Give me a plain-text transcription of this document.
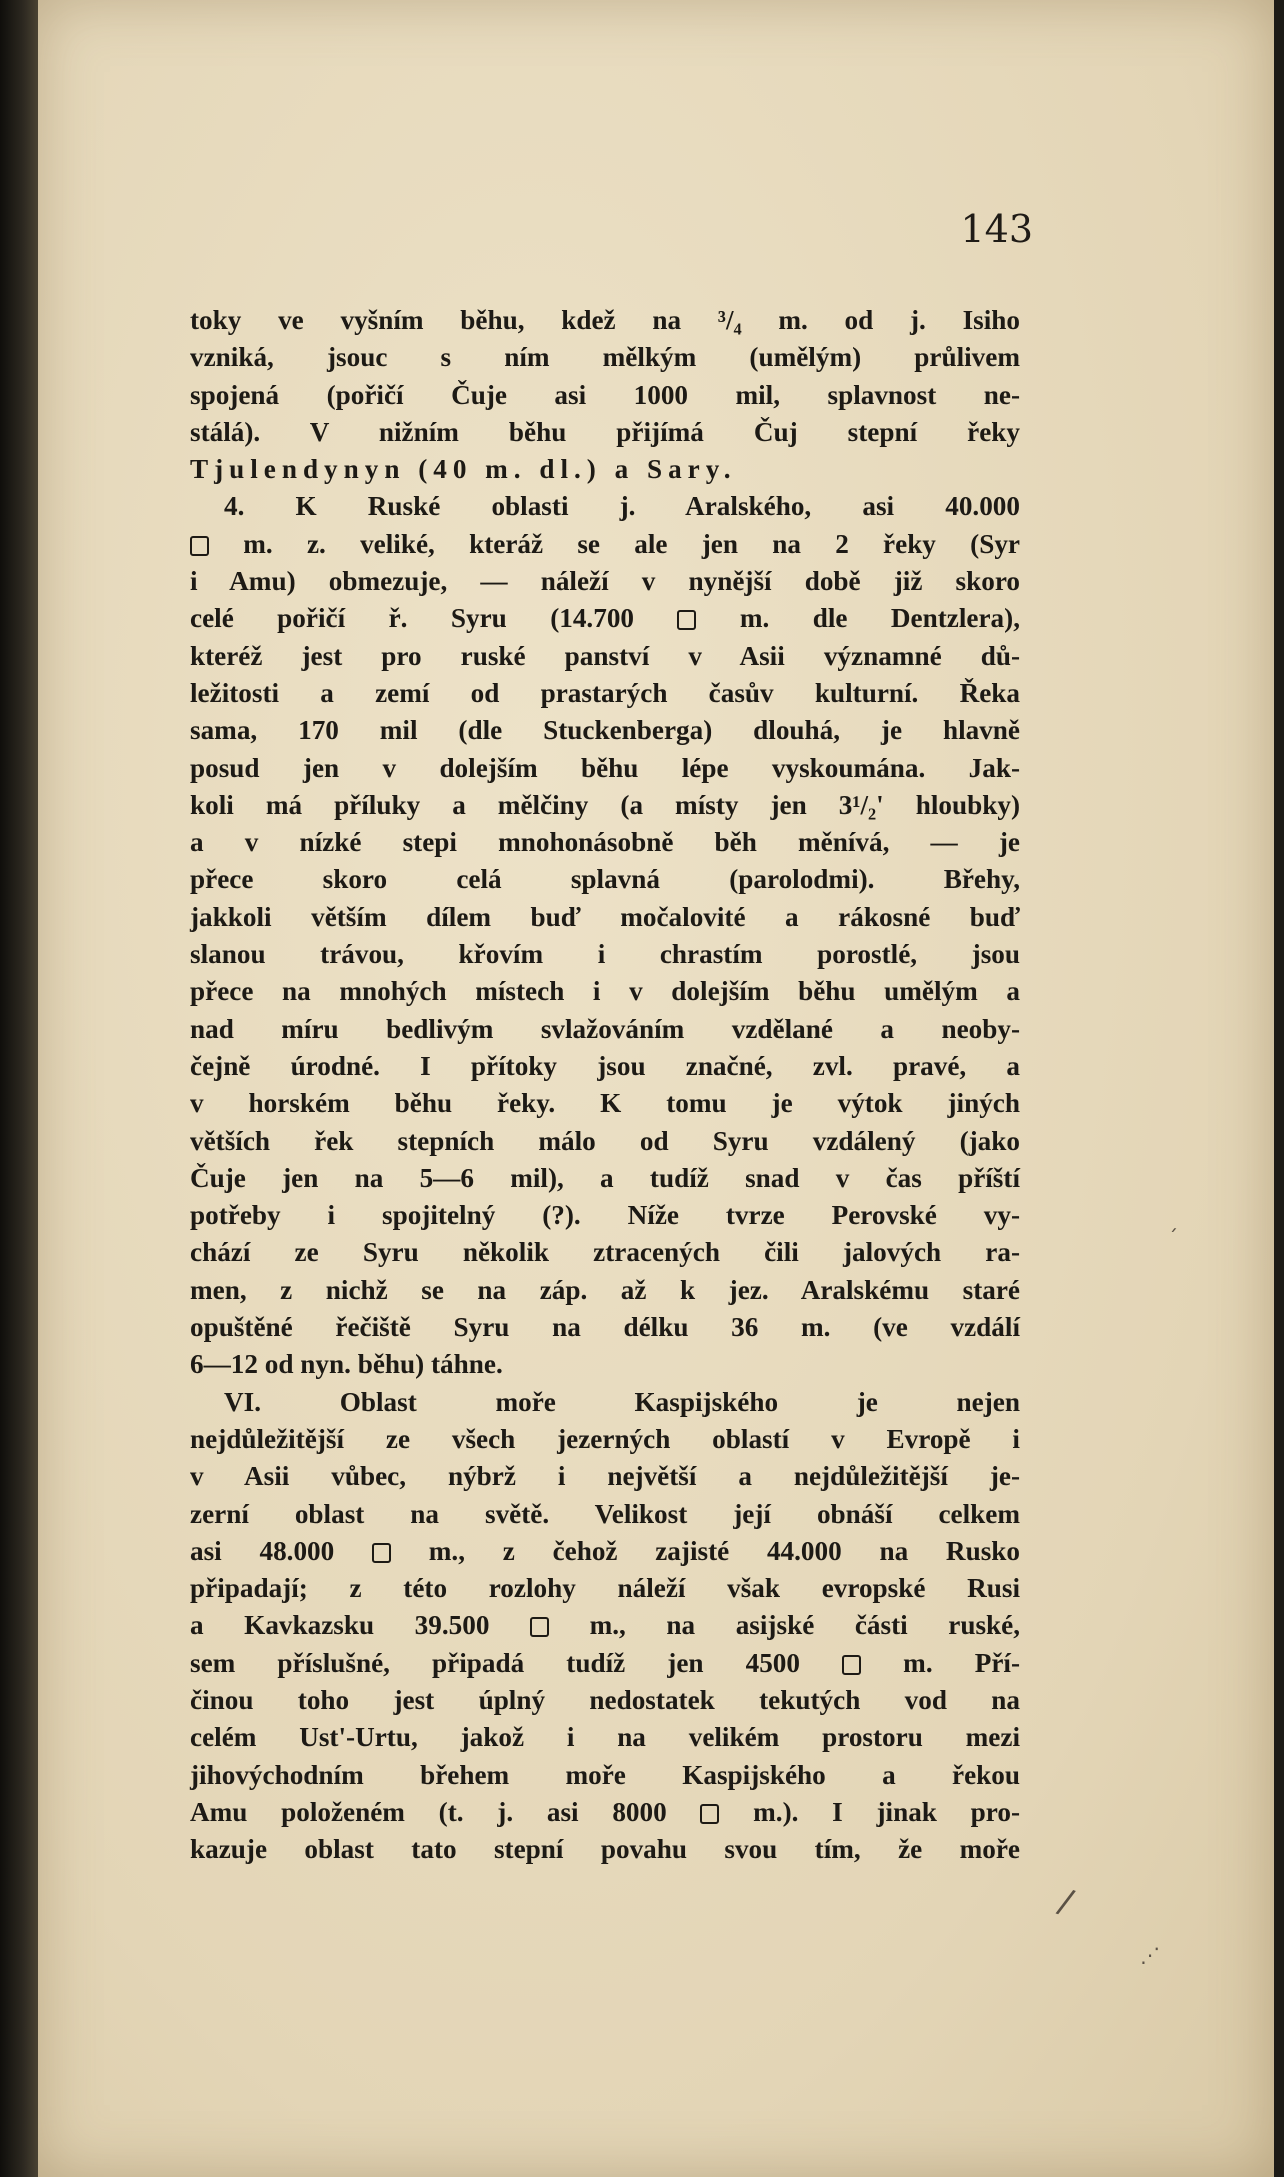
143
toky ve vyšním běhu, kdež na ³/₄ m. od j. Isiho
vzniká, jsouc s ním mělkým (umělým) průlivem
spojená (pořičí Čuje asi 1000 mil, splavnost ne-
stálá). V nižním běhu přijímá Čuj stepní řeky
Tjulendynyn (40 m. dl.) a Sary.
4. K Ruské oblasti j. Aralského, asi 40.000
m. z. veliké, kteráž se ale jen na 2 řeky (Syr
i Amu) obmezuje, — náleží v nynější době již skoro
celé pořičí ř. Syru (14.700  m. dle Dentzlera),
kteréž jest pro ruské panství v Asii významné dů-
ležitosti a zemí od prastarých časův kulturní. Řeka
sama, 170 mil (dle Stuckenberga) dlouhá, je hlavně
posud jen v dolejším běhu lépe vyskoumána. Jak-
koli má příluky a mělčiny (a místy jen 3¹/₂' hloubky)
a v nízké stepi mnohonásobně běh měnívá, — je
přece skoro celá splavná (parolodmi). Břehy,
jakkoli větším dílem buď močalovité a rákosné buď
slanou trávou, křovím i chrastím porostlé, jsou
přece na mnohých místech i v dolejším běhu umělým a
nad míru bedlivým svlažováním vzdělané a neoby-
čejně úrodné. I přítoky jsou značné, zvl. pravé, a
v horském běhu řeky. K tomu je výtok jiných
větších řek stepních málo od Syru vzdálený (jako
Čuje jen na 5—6 mil), a tudíž snad v čas příští
potřeby i spojitelný (?). Níže tvrze Perovské vy-
chází ze Syru několik ztracených čili jalových ra-
men, z nichž se na záp. až k jez. Aralskému staré
opuštěné řečiště Syru na délku 36 m. (ve vzdálí
6—12 od nyn. běhu) táhne.
VI. Oblast moře Kaspijského je nejen
nejdůležitější ze všech jezerných oblastí v Evropě i
v Asii vůbec, nýbrž i největší a nejdůležitější je-
zerní oblast na světě. Velikost její obnáší celkem
asi 48.000  m., z čehož zajisté 44.000 na Rusko
připadají; z této rozlohy náleží však evropské Rusi
a Kavkazsku 39.500  m., na asijské části ruské,
sem příslušné, připadá tudíž jen 4500  m. Pří-
činou toho jest úplný nedostatek tekutých vod na
celém Ust'-Urtu, jakož i na velikém prostoru mezi
jihovýchodním břehem moře Kaspijského a řekou
Amu položeném (t. j. asi 8000  m.). I jinak pro-
kazuje oblast tato stepní povahu svou tím, že moře
ˏ
/
⋰
